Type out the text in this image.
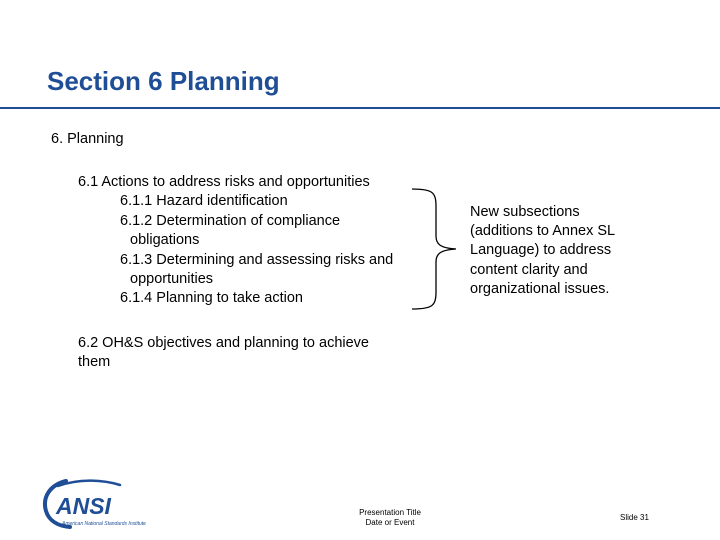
Section 6 Planning
6. Planning
6.1 Actions to address risks and opportunities
6.1.1 Hazard identification
6.1.2 Determination of compliance
obligations
6.1.3 Determining and assessing risks and
opportunities
6.1.4 Planning to take action
New subsections
(additions to Annex SL
Language) to address
content clarity and
organizational issues.
6.2 OH&S objectives and planning to achieve
them
ANSI
American National Standards Institute
Presentation Title
Date or Event
Slide 31
